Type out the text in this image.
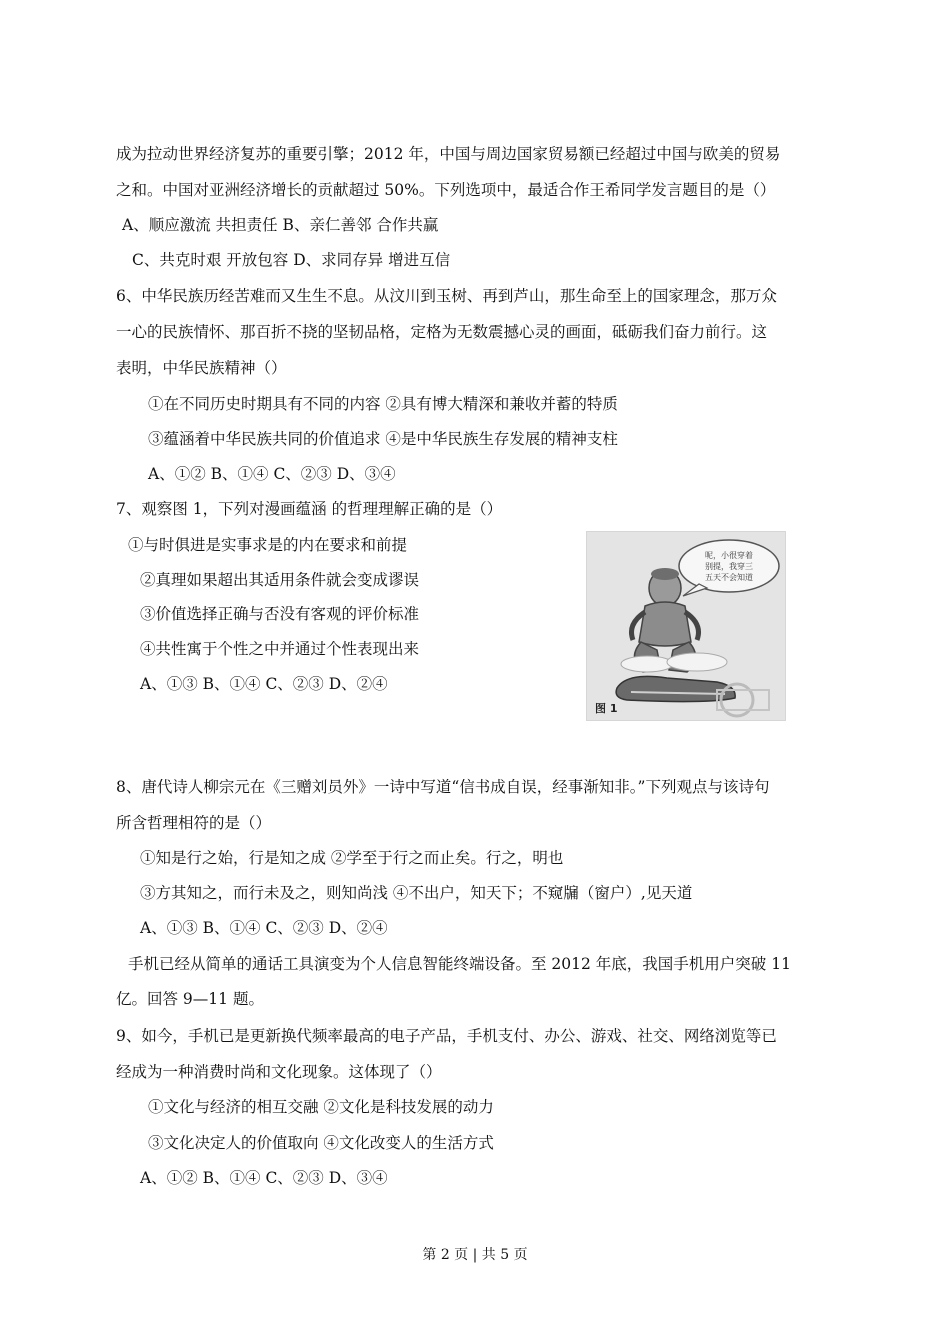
成为拉动世界经济复苏的重要引擎；2012 年，中国与周边国家贸易额已经超过中国与欧美的贸易
之和。中国对亚洲经济增长的贡献超过 50%。下列选项中，最适合作王希同学发言题目的是（）
A、顺应激流 共担责任 B、亲仁善邻 合作共赢
C、共克时艰 开放包容 D、求同存异 增进互信
6、中华民族历经苦难而又生生不息。从汶川到玉树、再到芦山，那生命至上的国家理念，那万众
一心的民族情怀、那百折不挠的坚韧品格，定格为无数震撼心灵的画面，砥砺我们奋力前行。这
表明，中华民族精神（）
①在不同历史时期具有不同的内容 ②具有博大精深和兼收并蓄的特质
③蕴涵着中华民族共同的价值追求 ④是中华民族生存发展的精神支柱
A、①② B、①④ C、②③ D、③④
7、观察图 1，下列对漫画蕴涵 的哲理理解正确的是（）
①与时俱进是实事求是的内在要求和前提
②真理如果超出其适用条件就会变成谬误
③价值选择正确与否没有客观的评价标准
④共性寓于个性之中并通过个性表现出来
A、①③ B、①④ C、②③ D、②④
呢，小很穿着
别提，我穿三
五天不会知道
图 1
8、唐代诗人柳宗元在《三赠刘员外》一诗中写道“信书成自误，经事渐知非。”下列观点与该诗句
所含哲理相符的是（）
①知是行之始，行是知之成 ②学至于行之而止矣。行之，明也
③方其知之，而行未及之，则知尚浅 ④不出户，知天下；不窥牖（窗户）,见天道
A、①③ B、①④ C、②③ D、②④
手机已经从简单的通话工具演变为个人信息智能终端设备。至 2012 年底，我国手机用户突破 11
亿。回答 9—11 题。
9、如今，手机已是更新换代频率最高的电子产品，手机支付、办公、游戏、社交、网络浏览等已
经成为一种消费时尚和文化现象。这体现了（）
①文化与经济的相互交融 ②文化是科技发展的动力
③文化决定人的价值取向 ④文化改变人的生活方式
A、①② B、①④ C、②③ D、③④
第 2 页 | 共 5 页
